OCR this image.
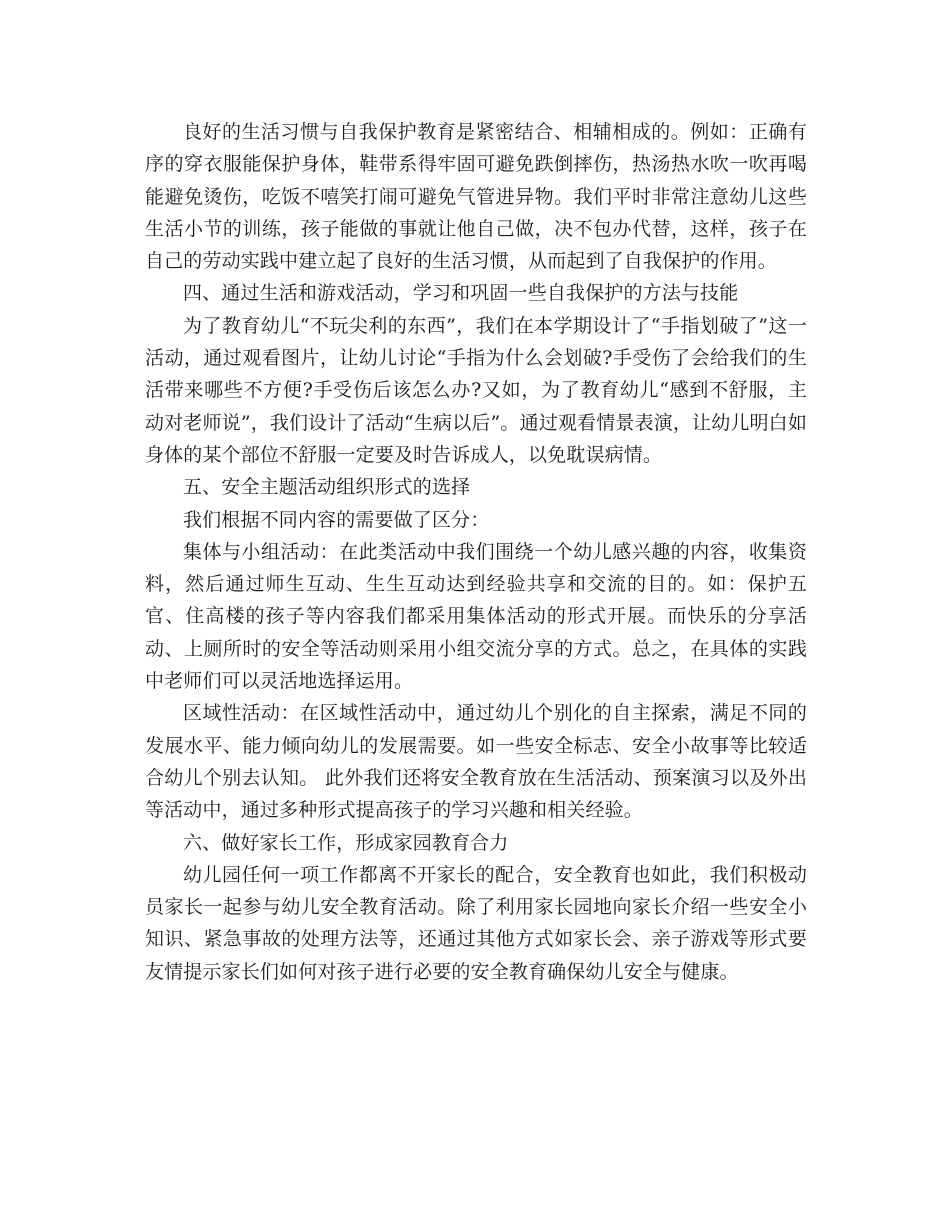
良好的生活习惯与自我保护教育是紧密结合、相辅相成的。例如：正确有序的穿衣服能保护身体，鞋带系得牢固可避免跌倒摔伤，热汤热水吹一吹再喝能避免烫伤，吃饭不嘻笑打闹可避免气管进异物。我们平时非常注意幼儿这些生活小节的训练，孩子能做的事就让他自己做，决不包办代替，这样，孩子在自己的劳动实践中建立起了良好的生活习惯，从而起到了自我保护的作用。

四、通过生活和游戏活动，学习和巩固一些自我保护的方法与技能

为了教育幼儿“不玩尖利的东西”，我们在本学期设计了“手指划破了”这一活动，通过观看图片，让幼儿讨论“手指为什么会划破?手受伤了会给我们的生活带来哪些不方便?手受伤后该怎么办?又如，为了教育幼儿“感到不舒服，主动对老师说”，我们设计了活动“生病以后”。通过观看情景表演，让幼儿明白如身体的某个部位不舒服一定要及时告诉成人，以免耽误病情。

五、安全主题活动组织形式的选择

我们根据不同内容的需要做了区分：

集体与小组活动：在此类活动中我们围绕一个幼儿感兴趣的内容，收集资料，然后通过师生互动、生生互动达到经验共享和交流的目的。如：保护五官、住高楼的孩子等内容我们都采用集体活动的形式开展。而快乐的分享活动、上厕所时的安全等活动则采用小组交流分享的方式。总之，在具体的实践中老师们可以灵活地选择运用。

区域性活动：在区域性活动中，通过幼儿个别化的自主探索，满足不同的发展水平、能力倾向幼儿的发展需要。如一些安全标志、安全小故事等比较适合幼儿个别去认知。 此外我们还将安全教育放在生活活动、预案演习以及外出等活动中，通过多种形式提高孩子的学习兴趣和相关经验。

六、做好家长工作，形成家园教育合力

幼儿园任何一项工作都离不开家长的配合，安全教育也如此，我们积极动员家长一起参与幼儿安全教育活动。除了利用家长园地向家长介绍一些安全小知识、紧急事故的处理方法等，还通过其他方式如家长会、亲子游戏等形式要友情提示家长们如何对孩子进行必要的安全教育确保幼儿安全与健康。
